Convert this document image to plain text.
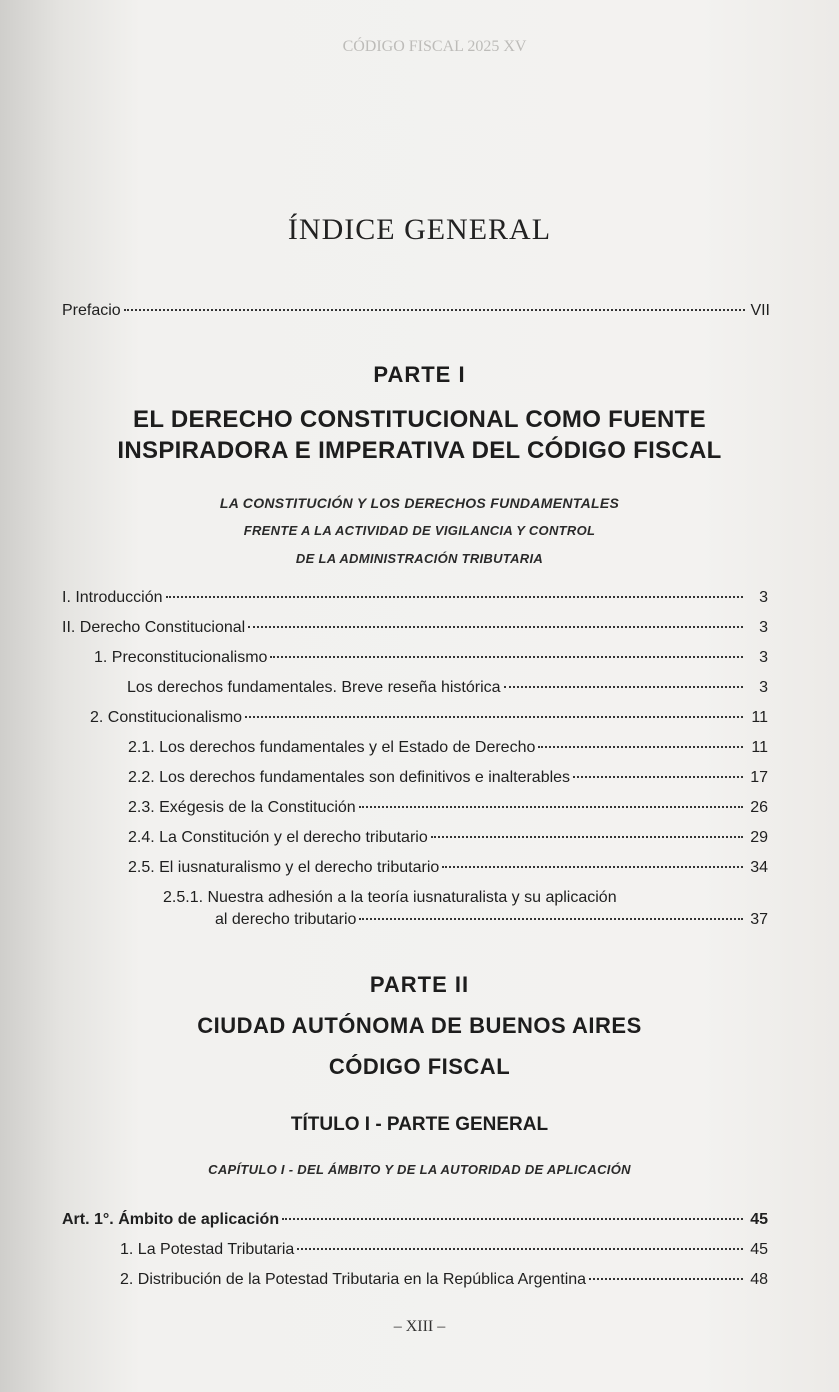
CÓDIGO FISCAL 2025 XV
ÍNDICE GENERAL
Prefacio	VII
PARTE I
EL DERECHO CONSTITUCIONAL COMO FUENTE
INSPIRADORA E IMPERATIVA DEL CÓDIGO FISCAL
LA CONSTITUCIÓN Y LOS DERECHOS FUNDAMENTALES
FRENTE A LA ACTIVIDAD DE VIGILANCIA Y CONTROL
DE LA ADMINISTRACIÓN TRIBUTARIA
I. Introducción	3
II. Derecho Constitucional	3
1. Preconstitucionalismo	3
Los derechos fundamentales. Breve reseña histórica	3
2. Constitucionalismo	11
2.1. Los derechos fundamentales y el Estado de Derecho	11
2.2. Los derechos fundamentales son definitivos e inalterables	17
2.3. Exégesis de la Constitución	26
2.4. La Constitución y el derecho tributario	29
2.5. El iusnaturalismo y el derecho tributario	34
2.5.1. Nuestra adhesión a la teoría iusnaturalista y su aplicación
al derecho tributario	37
PARTE II
CIUDAD AUTÓNOMA DE BUENOS AIRES
CÓDIGO FISCAL
TÍTULO I - PARTE GENERAL
CAPÍTULO I - DEL ÁMBITO Y DE LA AUTORIDAD DE APLICACIÓN
Art. 1°. Ámbito de aplicación	45
1. La Potestad Tributaria	45
2. Distribución de la Potestad Tributaria en la República Argentina	48
– XIII –
